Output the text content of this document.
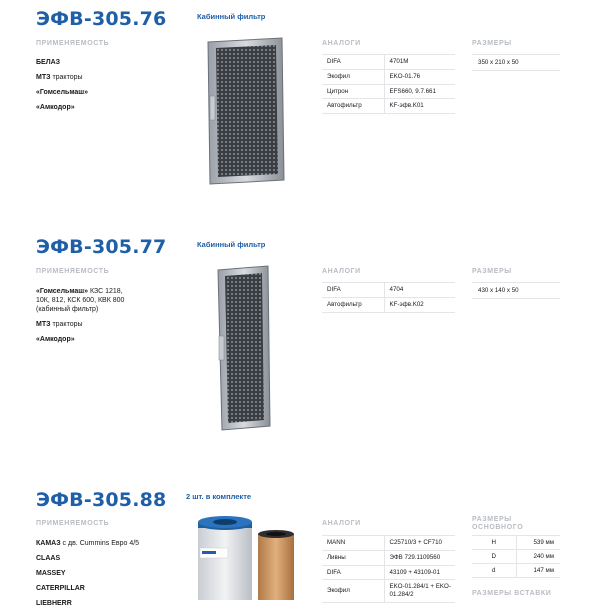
ЭФВ-305.76	Кабинный фильтр
ПРИМЕНЯЕМОСТЬ
БЕЛАЗ
МТЗ тракторы
«Гомсельмаш»
«Амкодор»
АНАЛОГИ
DIFA	4701M
Экофил	EKO-01.76
Цитрон	EFS660, 9.7.661
Автофильтр	KF-эфв.K01
РАЗМЕРЫ
350 x 210 x 50
ЭФВ-305.77	Кабинный фильтр
ПРИМЕНЯЕМОСТЬ
«Гомсельмаш» КЗС 1218, 10К, 812, КСК 600, КВК 800 (кабинный фильтр)
МТЗ тракторы
«Амкодор»
АНАЛОГИ
DIFA	4704
Автофильтр	KF-эфв.K02
РАЗМЕРЫ
430 x 140 x 50
ЭФВ-305.88	2 шт. в комплекте
ПРИМЕНЯЕМОСТЬ
КАМАЗ с дв. Cummins Евро 4/5
CLAAS
MASSEY
CATERPILLAR
LIEBHERR
АНАЛОГИ
MANN	C25710/3 + CF710
Ливны	ЭФВ 729.1109560
DIFA	43109 + 43109-01
Экофил	EKO-01.284/1 + EKO-01.284/2
РАЗМЕРЫ ОСНОВНОГО
H	539 мм
D	240 мм
d	147 мм
РАЗМЕРЫ ВСТАВКИ
